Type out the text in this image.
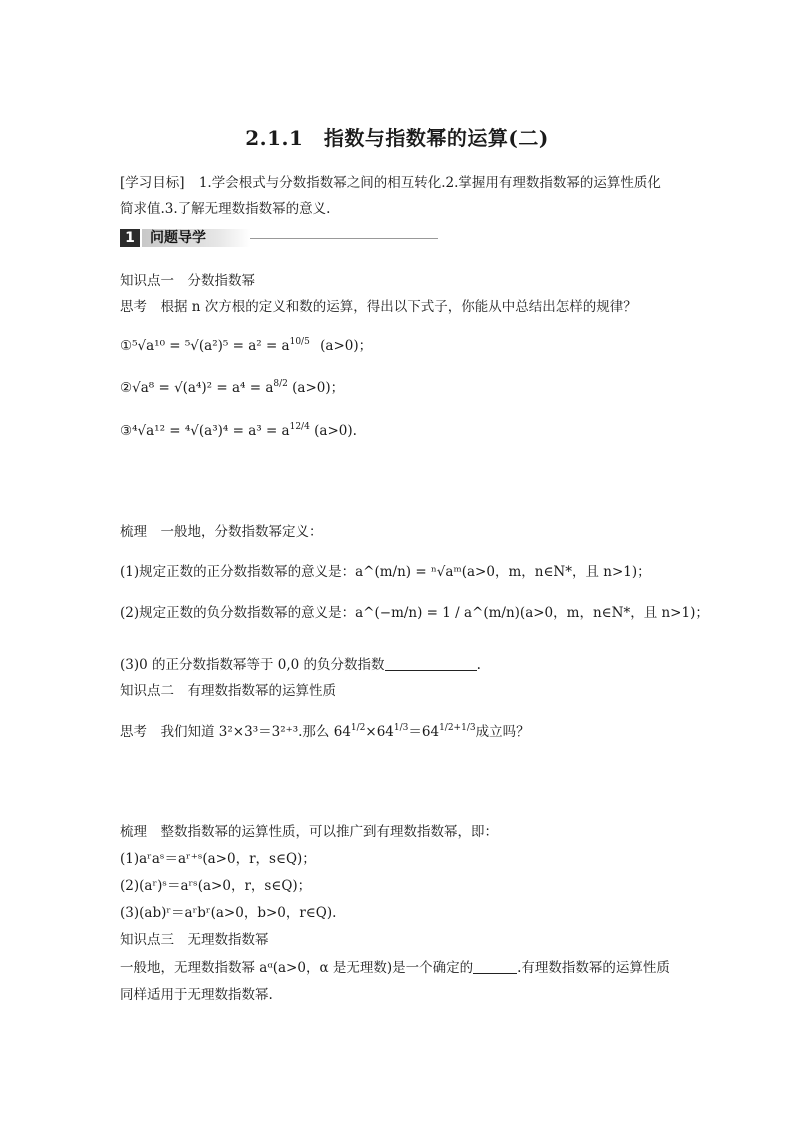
2.1.1　指数与指数幂的运算(二)
[学习目标] 1.学会根式与分数指数幂之间的相互转化.2.掌握用有理数指数幂的运算性质化
简求值.3.了解无理数指数幂的意义.
1	问题导学
知识点一　分数指数幂
思考　根据 n 次方根的定义和数的运算，得出以下式子，你能从中总结出怎样的规律？
①⁵√a¹⁰ = $^5√(a^2)^5 = a^2 = a^{10/5}$ (a>0)；
②√a⁸ = $√(a^4)^2 = a^4 = a^{8/2}$ (a>0)；
③⁴√a¹² = $^4√(a^3)^4 = a^3 = a^{12/4}$ (a>0).
梳理　一般地，分数指数幂定义：
(1)规定正数的正分数指数幂的意义是：a^(m/n) = ⁿ√aᵐ(a>0，m，n∈N*，且 n>1)；
(2)规定正数的负分数指数幂的意义是：a^(−m/n) = 1 / a^(m/n)(a>0，m，n∈N*，且 n>1)；
(3)0 的正分数指数幂等于 0,0 的负分数指数	.
知识点二　有理数指数幂的运算性质
思考　我们知道 3²×3³＝3²⁺³.那么 $64^{1/2}\times 64^{1/3}=64^{1/2+1/3}$成立吗？
梳理　整数指数幂的运算性质，可以推广到有理数指数幂，即：
(1)aʳaˢ＝aʳ⁺ˢ(a>0，r，s∈Q)；
(2)(aʳ)ˢ＝aʳˢ(a>0，r，s∈Q)；
(3)(ab)ʳ＝aʳbʳ(a>0，b>0，r∈Q).
知识点三　无理数指数幂
一般地，无理数指数幂 aᵅ(a>0，α 是无理数)是一个确定的	.有理数指数幂的运算性质
同样适用于无理数指数幂.
